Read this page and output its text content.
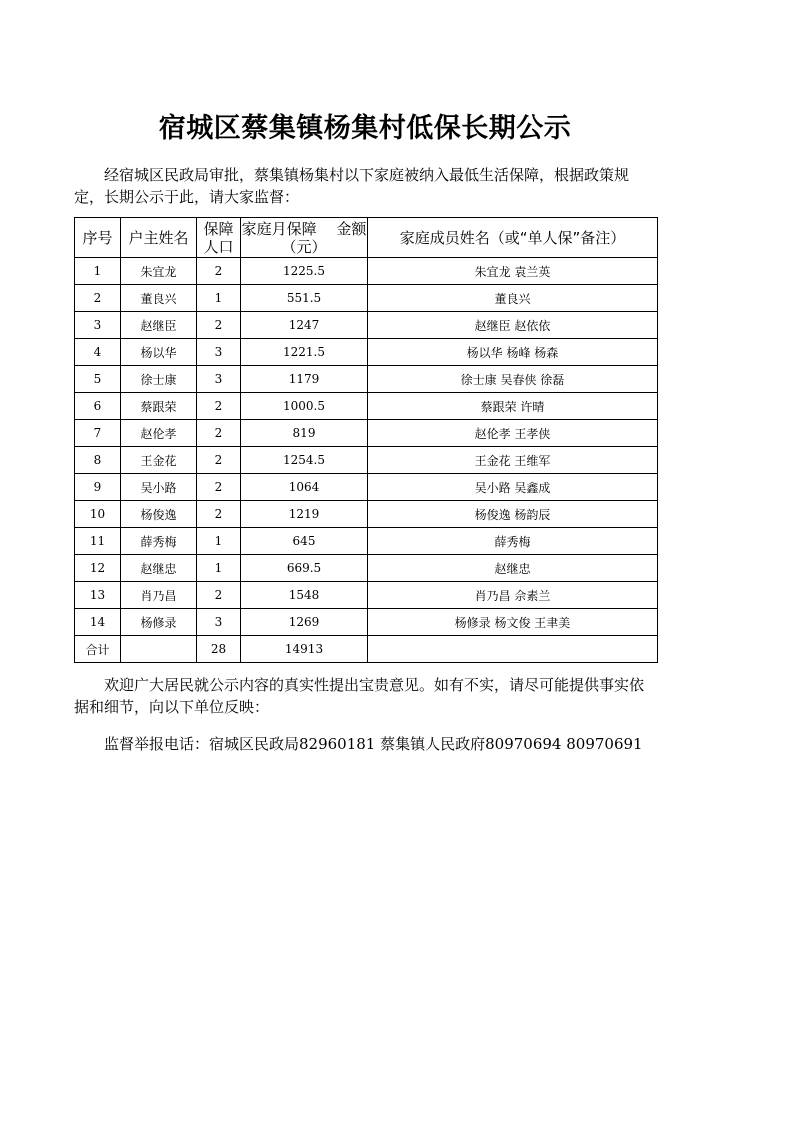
宿城区蔡集镇杨集村低保长期公示
经宿城区民政局审批，蔡集镇杨集村以下家庭被纳入最低生活保障，根据政策规定，长期公示于此，请大家监督：
序号	户主姓名	保障人口	家庭月保障　 金额（元）	家庭成员姓名（或“单人保”备注）
1	朱宜龙	2	1225.5	朱宜龙 袁兰英
2	董良兴	1	551.5	董良兴
3	赵继臣	2	1247	赵继臣 赵依依
4	杨以华	3	1221.5	杨以华 杨峰 杨森
5	徐士康	3	1179	徐士康 吴春侠 徐磊
6	蔡跟荣	2	1000.5	蔡跟荣 许晴
7	赵伦孝	2	819	赵伦孝 王孝侠
8	王金花	2	1254.5	王金花 王维军
9	吴小路	2	1064	吴小路 吴鑫成
10	杨俊逸	2	1219	杨俊逸 杨韵辰
11	薛秀梅	1	645	薛秀梅
12	赵继忠	1	669.5	赵继忠
13	肖乃昌	2	1548	肖乃昌 佘素兰
14	杨修录	3	1269	杨修录 杨文俊 王聿美
合计		28	14913	
欢迎广大居民就公示内容的真实性提出宝贵意见。如有不实，请尽可能提供事实依据和细节，向以下单位反映：
监督举报电话：宿城区民政局82960181 蔡集镇人民政府80970694 80970691
